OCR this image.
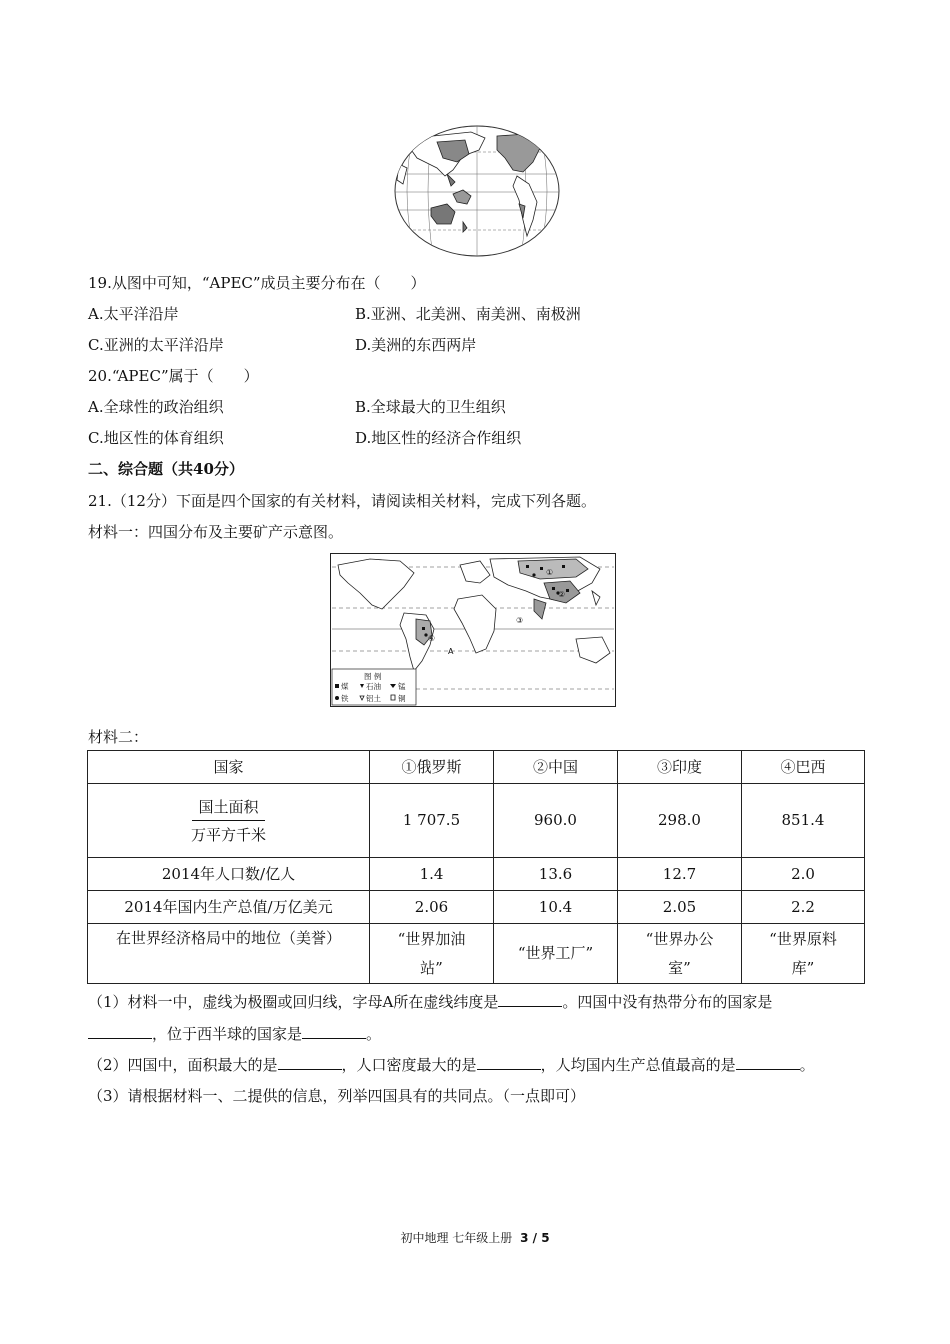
19.从图中可知，“APEC”成员主要分布在（　　）
A.太平洋沿岸	B.亚洲、北美洲、南美洲、南极洲
C.亚洲的太平洋沿岸	D.美洲的东西两岸
20.“APEC”属于（　　）
A.全球性的政治组织	B.全球最大的卫生组织
C.地区性的体育组织	D.地区性的经济合作组织
二、综合题（共40分）
21.（12分）下面是四个国家的有关材料，请阅读相关材料，完成下列各题。
材料一：四国分布及主要矿产示意图。
①
②
③
④
A
图 例
煤 石油 锰
铁 铝土 铜
材料二：
国家	①俄罗斯	②中国	③印度	④巴西
国土面积
万平方千米	1 707.5	960.0	298.0	851.4
2014年人口数/亿人	1.4	13.6	12.7	2.0
2014年国内生产总值/万亿美元	2.06	10.4	2.05	2.2
在世界经济格局中的地位（美誉）	“世界加油站”	“世界工厂”	“世界办公室”	“世界原料库”
（1）材料一中，虚线为极圈或回归线，字母A所在虚线纬度是	。四国中没有热带分布的国家是
，位于西半球的国家是	。
（2）四国中，面积最大的是	，人口密度最大的是	，人均国内生产总值最高的是	。
（3）请根据材料一、二提供的信息，列举四国具有的共同点。（一点即可）
初中地理 七年级上册 3 / 5
